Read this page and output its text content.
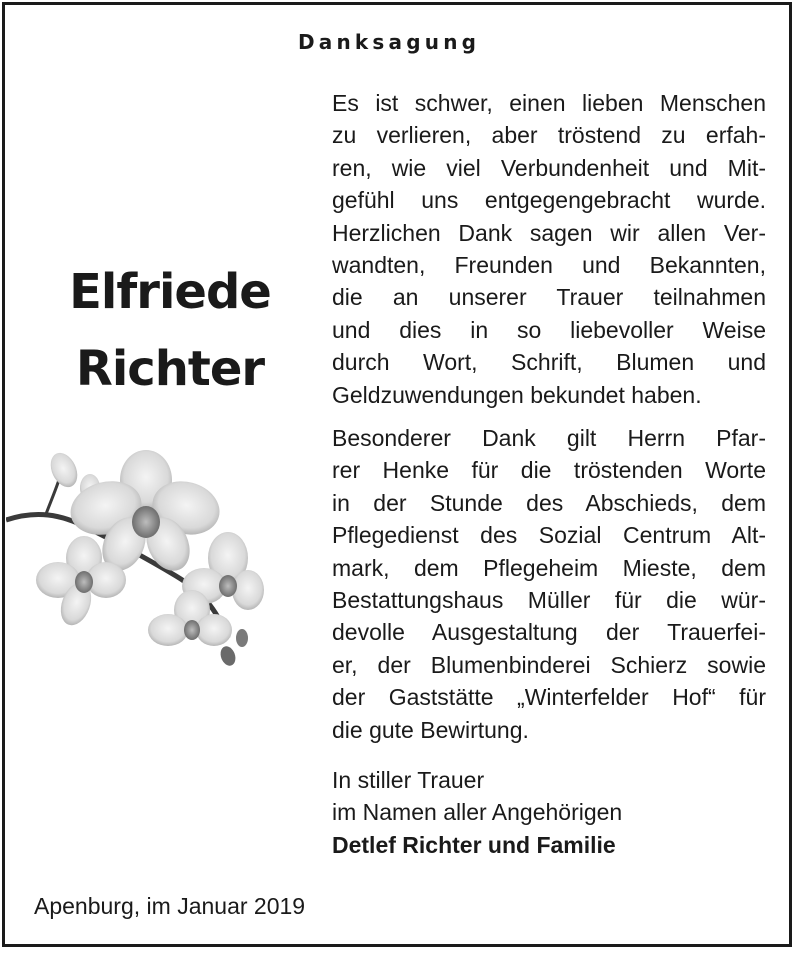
Danksagung
Elfriede
Richter
Es ist schwer, einen lieben Menschen
zu verlieren, aber tröstend zu erfah-
ren, wie viel Verbundenheit und Mit-
gefühl uns entgegengebracht wurde.
Herzlichen Dank sagen wir allen Ver-
wandten, Freunden und Bekannten,
die an unserer Trauer teilnahmen
und dies in so liebevoller Weise
durch Wort, Schrift, Blumen und
Geldzuwendungen bekundet haben.
Besonderer Dank gilt Herrn Pfar-
rer Henke für die tröstenden Worte
in der Stunde des Abschieds, dem
Pflegedienst des Sozial Centrum Alt-
mark, dem Pflegeheim Mieste, dem
Bestattungshaus Müller für die wür-
devolle Ausgestaltung der Trauerfei-
er, der Blumenbinderei Schierz sowie
der Gaststätte „Winterfelder Hof“ für
die gute Bewirtung.
In stiller Trauer
im Namen aller Angehörigen
Detlef Richter und Familie
Apenburg, im Januar 2019
